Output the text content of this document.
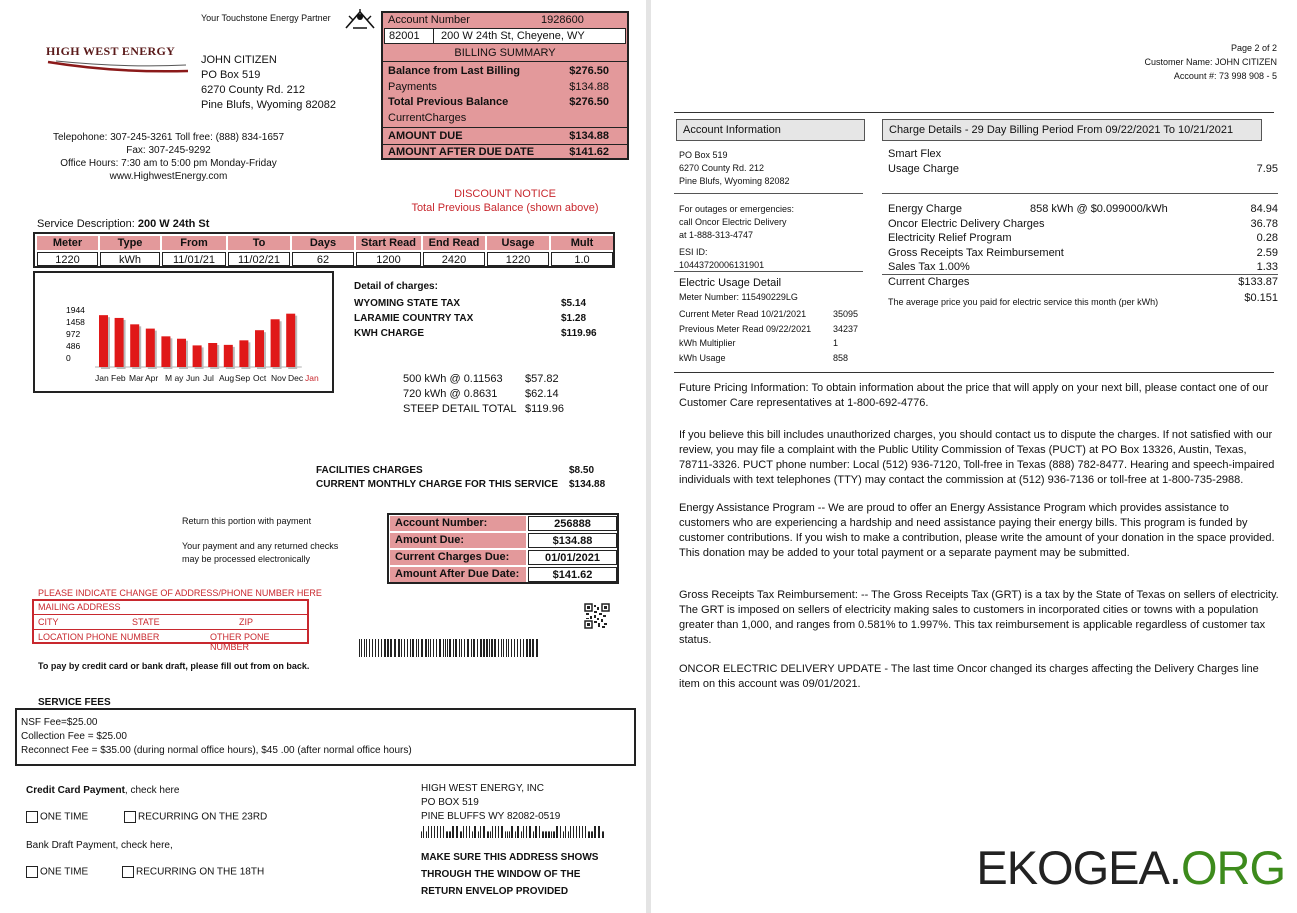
Your Touchstone Energy Partner
HIGH WEST ENERGY
JOHN CITIZEN
PO Box 519
6270 County Rd. 212
Pine Blufs, Wyoming 82082
Telepohone: 307-245-3261 Toll free: (888) 834-1657
Fax: 307-245-9292
Office Hours: 7:30 am to 5:00 pm Monday-Friday
www.HighwestEnergy.com
Account Number	1928600
82001 200 W 24th St, Cheyene, WY
BILLING SUMMARY
Balance from Last Billing	$276.50
Payments	$134.88
Total Previous Balance	$276.50
CurrentCharges
AMOUNT DUE	$134.88
AMOUNT AFTER DUE DATE	$141.62
DISCOUNT NOTICE
Total Previous Balance (shown above)
Service Description: 200 W 24th St
Meter	Type	From	To	Days	Start Read	End Read	Usage	Mult
1220	kWh	11/01/21	11/02/21	62	1200	2420	1220	1.0
1944
1458
972
486
0
Jan Feb Mar Apr M ay Jun Jul Aug Sep Oct Nov Dec Jan
Detail of charges:
WYOMING STATE TAX	$5.14
LARAMIE COUNTRY TAX	$1.28
KWH CHARGE	$119.96
500 kWh @ 0.11563 $57.82
720 kWh @ 0.8631	$62.14
STEEP DETAIL TOTAL $119.96
FACILITIES CHARGES	$8.50
CURRENT MONTHLY CHARGE FOR THIS SERVICE $134.88
Return this portion with payment
Your payment and any returned checks
may be processed electronically
Account Number:	256888
Amount Due:	$134.88
Current Charges Due:	01/01/2021
Amount After Due Date:	$141.62
PLEASE INDICATE CHANGE OF ADDRESS/PHONE NUMBER HERE
MAILING ADDRESS
CITY	STATE	ZIP
LOCATION PHONE NUMBER	OTHER PONE NUMBER
To pay by credit card or bank draft, please fill out from on back.
SERVICE FEES
NSF Fee=$25.00
Collection Fee = $25.00
Reconnect Fee = $35.00 (during normal office hours), $45 .00 (after normal office hours)
Credit Card Payment, check here
ONE TIME	RECURRING ON THE 23RD
Bank Draft Payment, check here,
ONE TIME	RECURRING ON THE 18TH
HIGH WEST ENERGY, INC
PO BOX 519
PINE BLUFFS WY 82082-0519
MAKE SURE THIS ADDRESS SHOWS
THROUGH THE WINDOW OF THE
RETURN ENVELOP PROVIDED
Page 2 of 2
Customer Name: JOHN CITIZEN
Account #: 73 998 908 - 5
Account Information	Charge Details - 29 Day Billing Period From 09/22/2021 To 10/21/2021
PO Box 519
6270 County Rd. 212
Pine Blufs, Wyoming 82082
For outages or emergencies:
call Oncor Electric Delivery
at 1-888-313-4747
ESI ID:
10443720006131901
Electric Usage Detail
Meter Number: 115490229LG
Current Meter Read 10/21/2021	35095
Previous Meter Read 09/22/2021 34237
kWh Multiplier	1
kWh Usage	858
Smart Flex
Usage Charge	7.95
Energy Charge	858 kWh @ $0.099000/kWh	84.94
Oncor Electric Delivery Charges	36.78
Electricity Relief Program	0.28
Gross Receipts Tax Reimbursement	2.59
Sales Tax 1.00%	1.33
Current Charges	$133.87
The average price you paid for electric service this month (per kWh)	$0.151
Future Pricing Information: To obtain information about the price that will apply on your next bill, please contact one of our Customer Care representatives at 1-800-692-4776.
If you believe this bill includes unauthorized charges, you should contact us to dispute the charges. If not satisfied with our review, you may file a complaint with the Public Utility Commission of Texas (PUCT) at PO Box 13326, Austin, Texas, 78711-3326. PUCT phone number: Local (512) 936-7120, Toll-free in Texas (888) 782-8477. Hearing and speech-impaired individuals with text telephones (TTY) may contact the commission at (512) 936-7136 or toll-free at 1-800-735-2988.
Energy Assistance Program -- We are proud to offer an Energy Assistance Program which provides assistance to customers who are experiencing a hardship and need assistance paying their energy bills. This program is funded by customer contributions. If you wish to make a contribution, please write the amount of your donation in the space provided. This donation may be added to your total payment or a separate payment may be submitted.
Gross Receipts Tax Reimbursement: -- The Gross Receipts Tax (GRT) is a tax by the State of Texas on sellers of electricity. The GRT is imposed on sellers of electricity making sales to customers in incorporated cities or towns with a population greater than 1,000, and ranges from 0.581% to 1.997%. This tax reimbursement is applicable regardless of customer tax status.
ONCOR ELECTRIC DELIVERY UPDATE - The last time Oncor changed its charges affecting the Delivery Charges line item on this account was 09/01/2021.
EKOGEA.ORG
